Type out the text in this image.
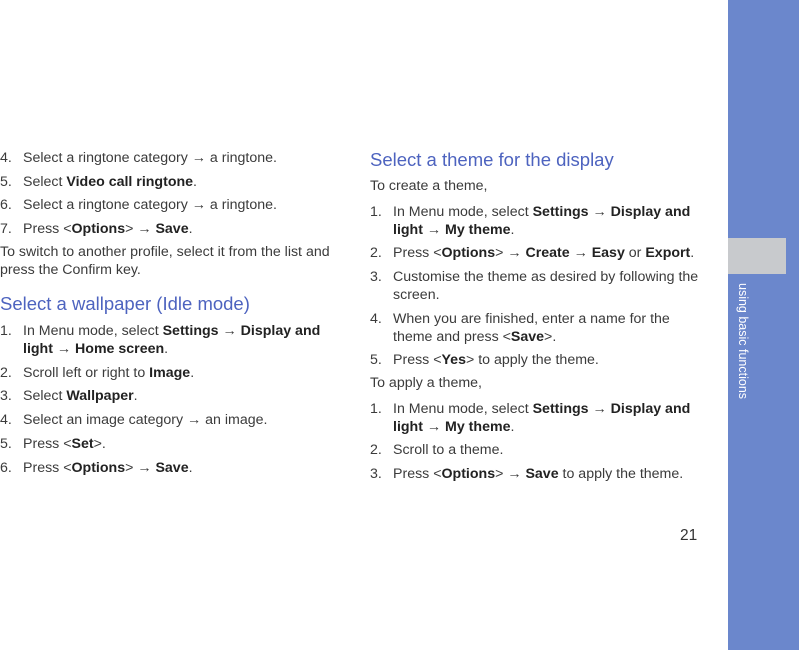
using basic functions
4. Select a ringtone category → a ringtone.
5. Select Video call ringtone.
6. Select a ringtone category → a ringtone.
7. Press <Options> → Save.
To switch to another profile, select it from the list and press the Confirm key.
Select a wallpaper (Idle mode)
1. In Menu mode, select Settings → Display and
light → Home screen.
2. Scroll left or right to Image.
3. Select Wallpaper.
4. Select an image category → an image.
5. Press <Set>.
6. Press <Options> → Save.
Select a theme for the display
To create a theme,
1. In Menu mode, select Settings → Display and
light → My theme.
2. Press <Options> → Create → Easy or Export.
3. Customise the theme as desired by following the
screen.
4. When you are finished, enter a name for the
theme and press <Save>.
5. Press <Yes> to apply the theme.
To apply a theme,
1. In Menu mode, select Settings → Display and
light → My theme.
2. Scroll to a theme.
3. Press <Options> → Save to apply the theme.
21
